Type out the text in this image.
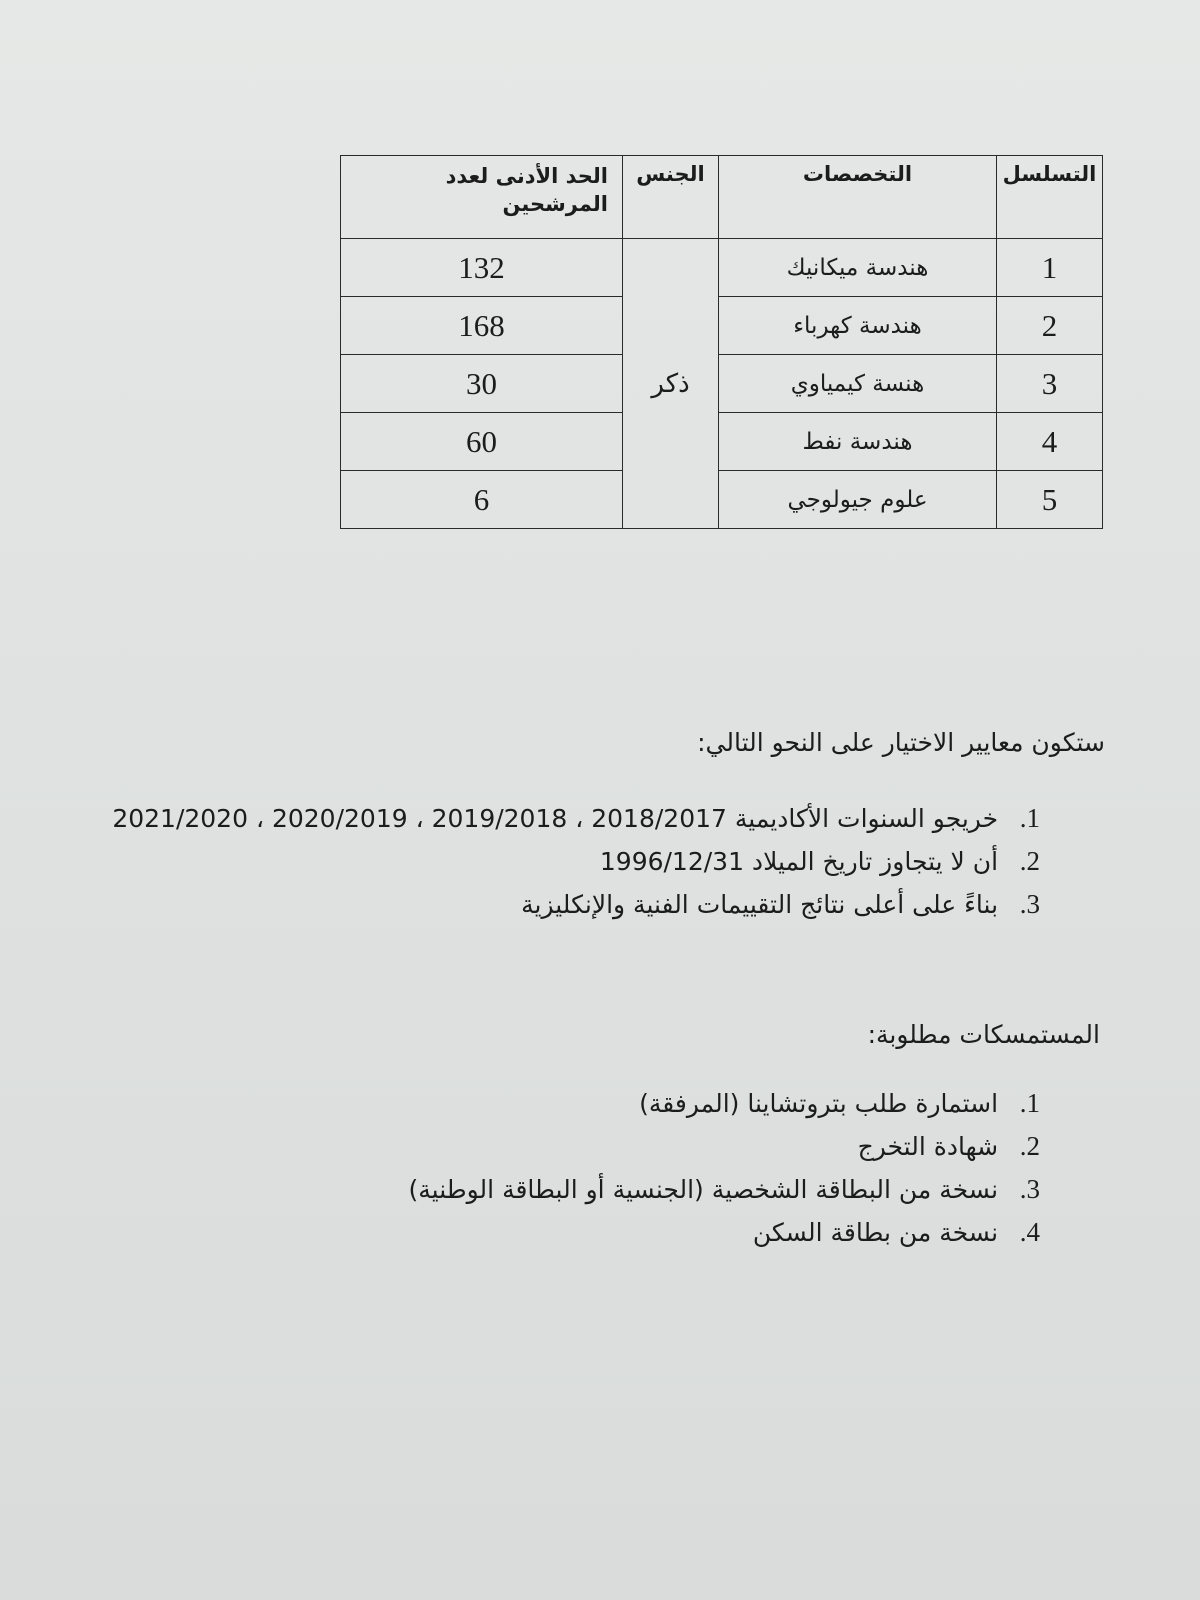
التسلسل	التخصصات	الجنس	الحد الأدنى لعدد المرشحين
1	هندسة ميكانيك	ذكر	132
2	هندسة كهرباء		168
3	هنسة كيمياوي		30
4	هندسة نفط		60
5	علوم جيولوجي		6

ستكون معايير الاختيار على النحو التالي:

1. خريجو السنوات الأكاديمية 2018/2017 ، 2019/2018 ، 2020/2019 ، 2021/2020
2. أن لا يتجاوز تاريخ الميلاد 1996/12/31
3. بناءً على أعلى نتائج التقييمات الفنية والإنكليزية

المستمسكات مطلوبة:

1. استمارة طلب بتروتشاينا (المرفقة)
2. شهادة التخرج
3. نسخة من البطاقة الشخصية (الجنسية أو البطاقة الوطنية)
4. نسخة من بطاقة السكن
